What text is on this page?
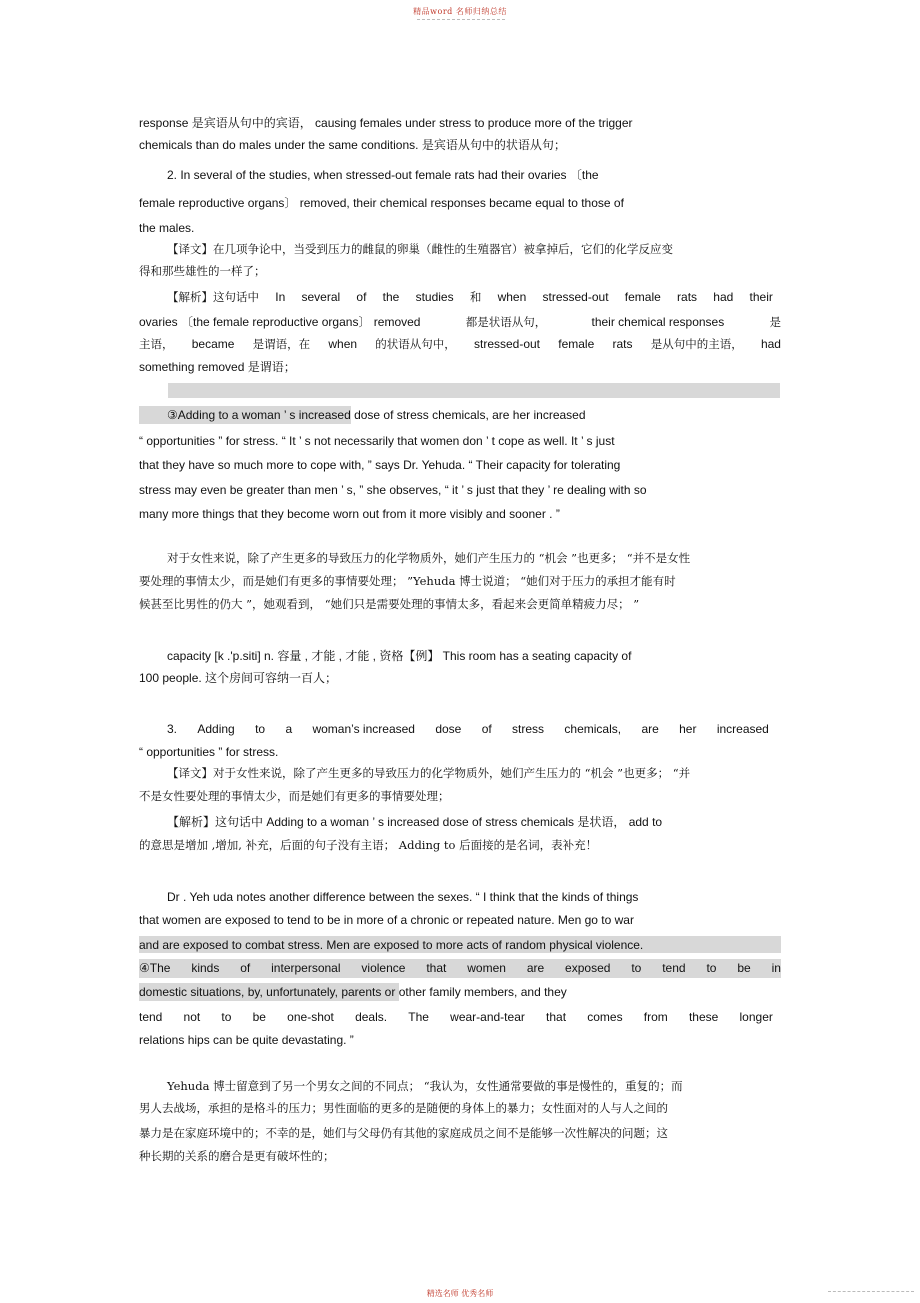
精品word 名师归纳总结
response 是宾语从句中的宾语， causing females under stress to produce more of the trigger
chemicals than do males under the same conditions. 是宾语从句中的状语从句；
2. In several of the studies, when stressed-out female rats had their ovaries 〔the
female reproductive organs〕 removed, their chemical responses became equal to those of
the males.
【译文】在几项争论中，当受到压力的雌鼠的卵巢（雌性的生殖器官）被拿掉后，它们的化学反应变
得和那些雄性的一样了；
【解析】这句话中 In several of the studies 和 when stressed-out female rats had their
ovaries 〔the female reproductive organs〕 removed	都是状语从句，	their chemical responses	是
主语， became 是谓语，在 when 的状语从句中， stressed-out female rats 是从句中的主语， had
something removed 是谓语；
③Adding to a woman ’ s increased dose of stress chemicals, are her increased
“ opportunities ” for stress. “ It ’ s not necessarily that women don ’ t cope as well. It ’ s just
that they have so much more to cope with, ” says Dr. Yehuda. “ Their capacity for tolerating
stress may even be greater than men ’ s, ” she observes, “ it ’ s just that they ’ re dealing with so
many more things that they become worn out from it more visibly and sooner . ”
对于女性来说，除了产生更多的导致压力的化学物质外，她们产生压力的 “机会 ”也更多； “并不是女性
要处理的事情太少，而是她们有更多的事情要处理； ”Yehuda 博士说道； “她们对于压力的承担才能有时
候甚至比男性的仍大 ”，她观看到， “她们只是需要处理的事情太多，看起来会更简单精疲力尽； ”
capacity [k .'p.siti] n. 容量 , 才能 , 才能 , 资格【例】 This room has a seating capacity of
100 people. 这个房间可容纳一百人；
3. Adding to a woman’s increased dose of stress chemicals, are her increased
“ opportunities ” for stress.
【译文】对于女性来说，除了产生更多的导致压力的化学物质外，她们产生压力的 “机会 ”也更多； “并
不是女性要处理的事情太少，而是她们有更多的事情要处理；
【解析】这句话中 Adding to a woman ’ s increased dose of stress chemicals 是状语， add to
的意思是增加 ,增加, 补充，后面的句子没有主语； Adding to 后面接的是名词，表补充！
Dr . Yeh uda notes another difference between the sexes. “ I think that the kinds of things
that women are exposed to tend to be in more of a chronic or repeated nature. Men go to war
and are exposed to combat stress. Men are exposed to more acts of random physical violence.
④The kinds of interpersonal violence that women are exposed to tend to be in
domestic situations, by, unfortunately, parents or other family members, and they
tend not to be one-shot deals. The wear-and-tear that comes from these longer
relations hips can be quite devastating. ”
Yehuda 博士留意到了另一个男女之间的不同点； “我认为，女性通常要做的事是慢性的，重复的；而
男人去战场，承担的是格斗的压力；男性面临的更多的是随便的身体上的暴力；女性面对的人与人之间的
暴力是在家庭环境中的；不幸的是，她们与父母仍有其他的家庭成员之间不是能够一次性解决的问题；这
种长期的关系的磨合是更有破坏性的；
精选名师 优秀名师
